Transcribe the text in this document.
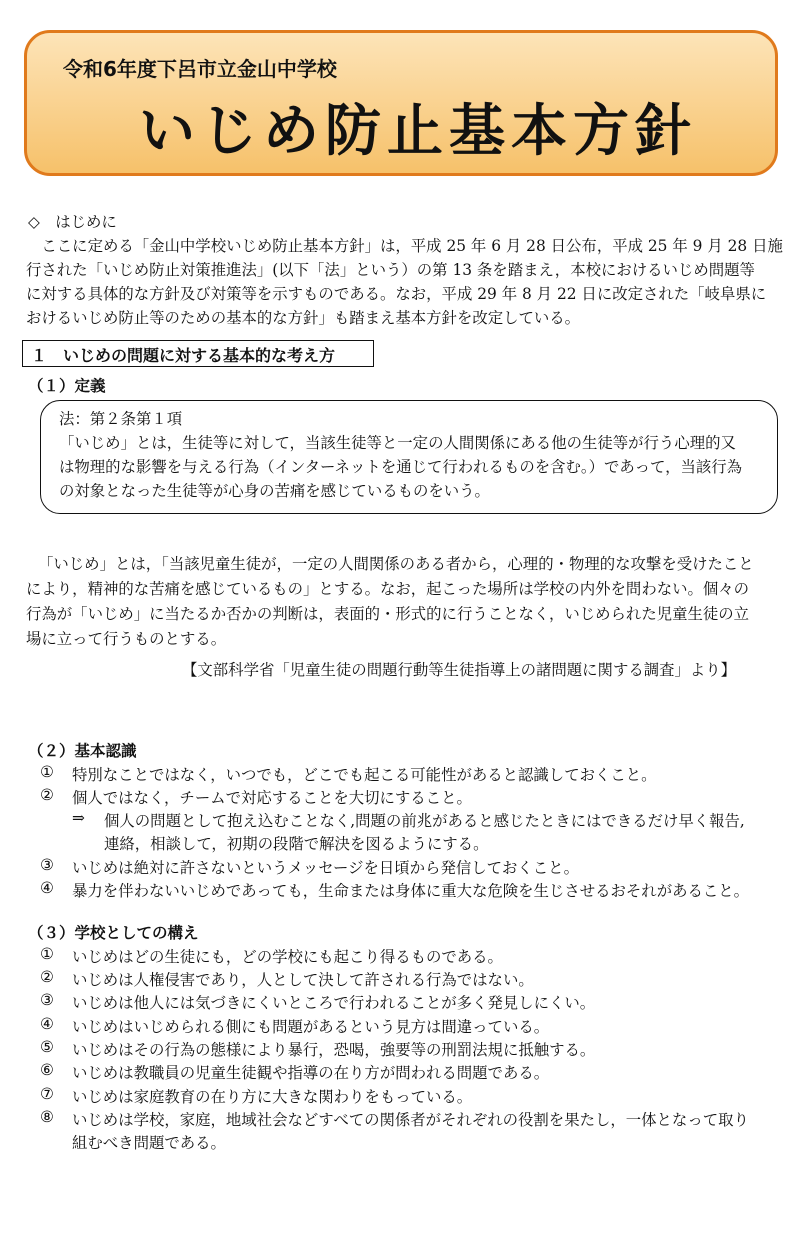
令和6年度下呂市立金山中学校
いじめ防止基本方針
◇　はじめに
　ここに定める「金山中学校いじめ防止基本方針」は，平成 25 年 6 月 28 日公布，平成 25 年 9 月 28 日施
行された「いじめ防止対策推進法」(以下「法」という）の第 13 条を踏まえ，本校におけるいじめ問題等
に対する具体的な方針及び対策等を示すものである。なお，平成 29 年 8 月 22 日に改定された「岐阜県に
おけるいじめ防止等のための基本的な方針」も踏まえ基本方針を改定している。
１　いじめの問題に対する基本的な考え方
（１）定義
法：第２条第１項
「いじめ」とは，生徒等に対して，当該生徒等と一定の人間関係にある他の生徒等が行う心理的又
は物理的な影響を与える行為（インターネットを通じて行われるものを含む。）であって，当該行為
の対象となった生徒等が心身の苦痛を感じているものをいう。
「いじめ」とは，「当該児童生徒が，一定の人間関係のある者から，心理的・物理的な攻撃を受けたこと
により，精神的な苦痛を感じているもの」とする。なお，起こった場所は学校の内外を問わない。個々の
行為が「いじめ」に当たるか否かの判断は，表面的・形式的に行うことなく，いじめられた児童生徒の立
場に立って行うものとする。
【文部科学省「児童生徒の問題行動等生徒指導上の諸問題に関する調査」より】
（２）基本認識
① 特別なことではなく，いつでも，どこでも起こる可能性があると認識しておくこと。
② 個人ではなく，チームで対応することを大切にすること。
⇒ 個人の問題として抱え込むことなく,問題の前兆があると感じたときにはできるだけ早く報告,
連絡，相談して，初期の段階で解決を図るようにする。
③ いじめは絶対に許さないというメッセージを日頃から発信しておくこと。
④ 暴力を伴わないいじめであっても，生命または身体に重大な危険を生じさせるおそれがあること。
（３）学校としての構え
① いじめはどの生徒にも，どの学校にも起こり得るものである。
② いじめは人権侵害であり，人として決して許される行為ではない。
③ いじめは他人には気づきにくいところで行われることが多く発見しにくい。
④ いじめはいじめられる側にも問題があるという見方は間違っている。
⑤ いじめはその行為の態様により暴行，恐喝，強要等の刑罰法規に抵触する。
⑥ いじめは教職員の児童生徒観や指導の在り方が問われる問題である。
⑦ いじめは家庭教育の在り方に大きな関わりをもっている。
⑧ いじめは学校，家庭，地域社会などすべての関係者がそれぞれの役割を果たし，一体となって取り
組むべき問題である。
